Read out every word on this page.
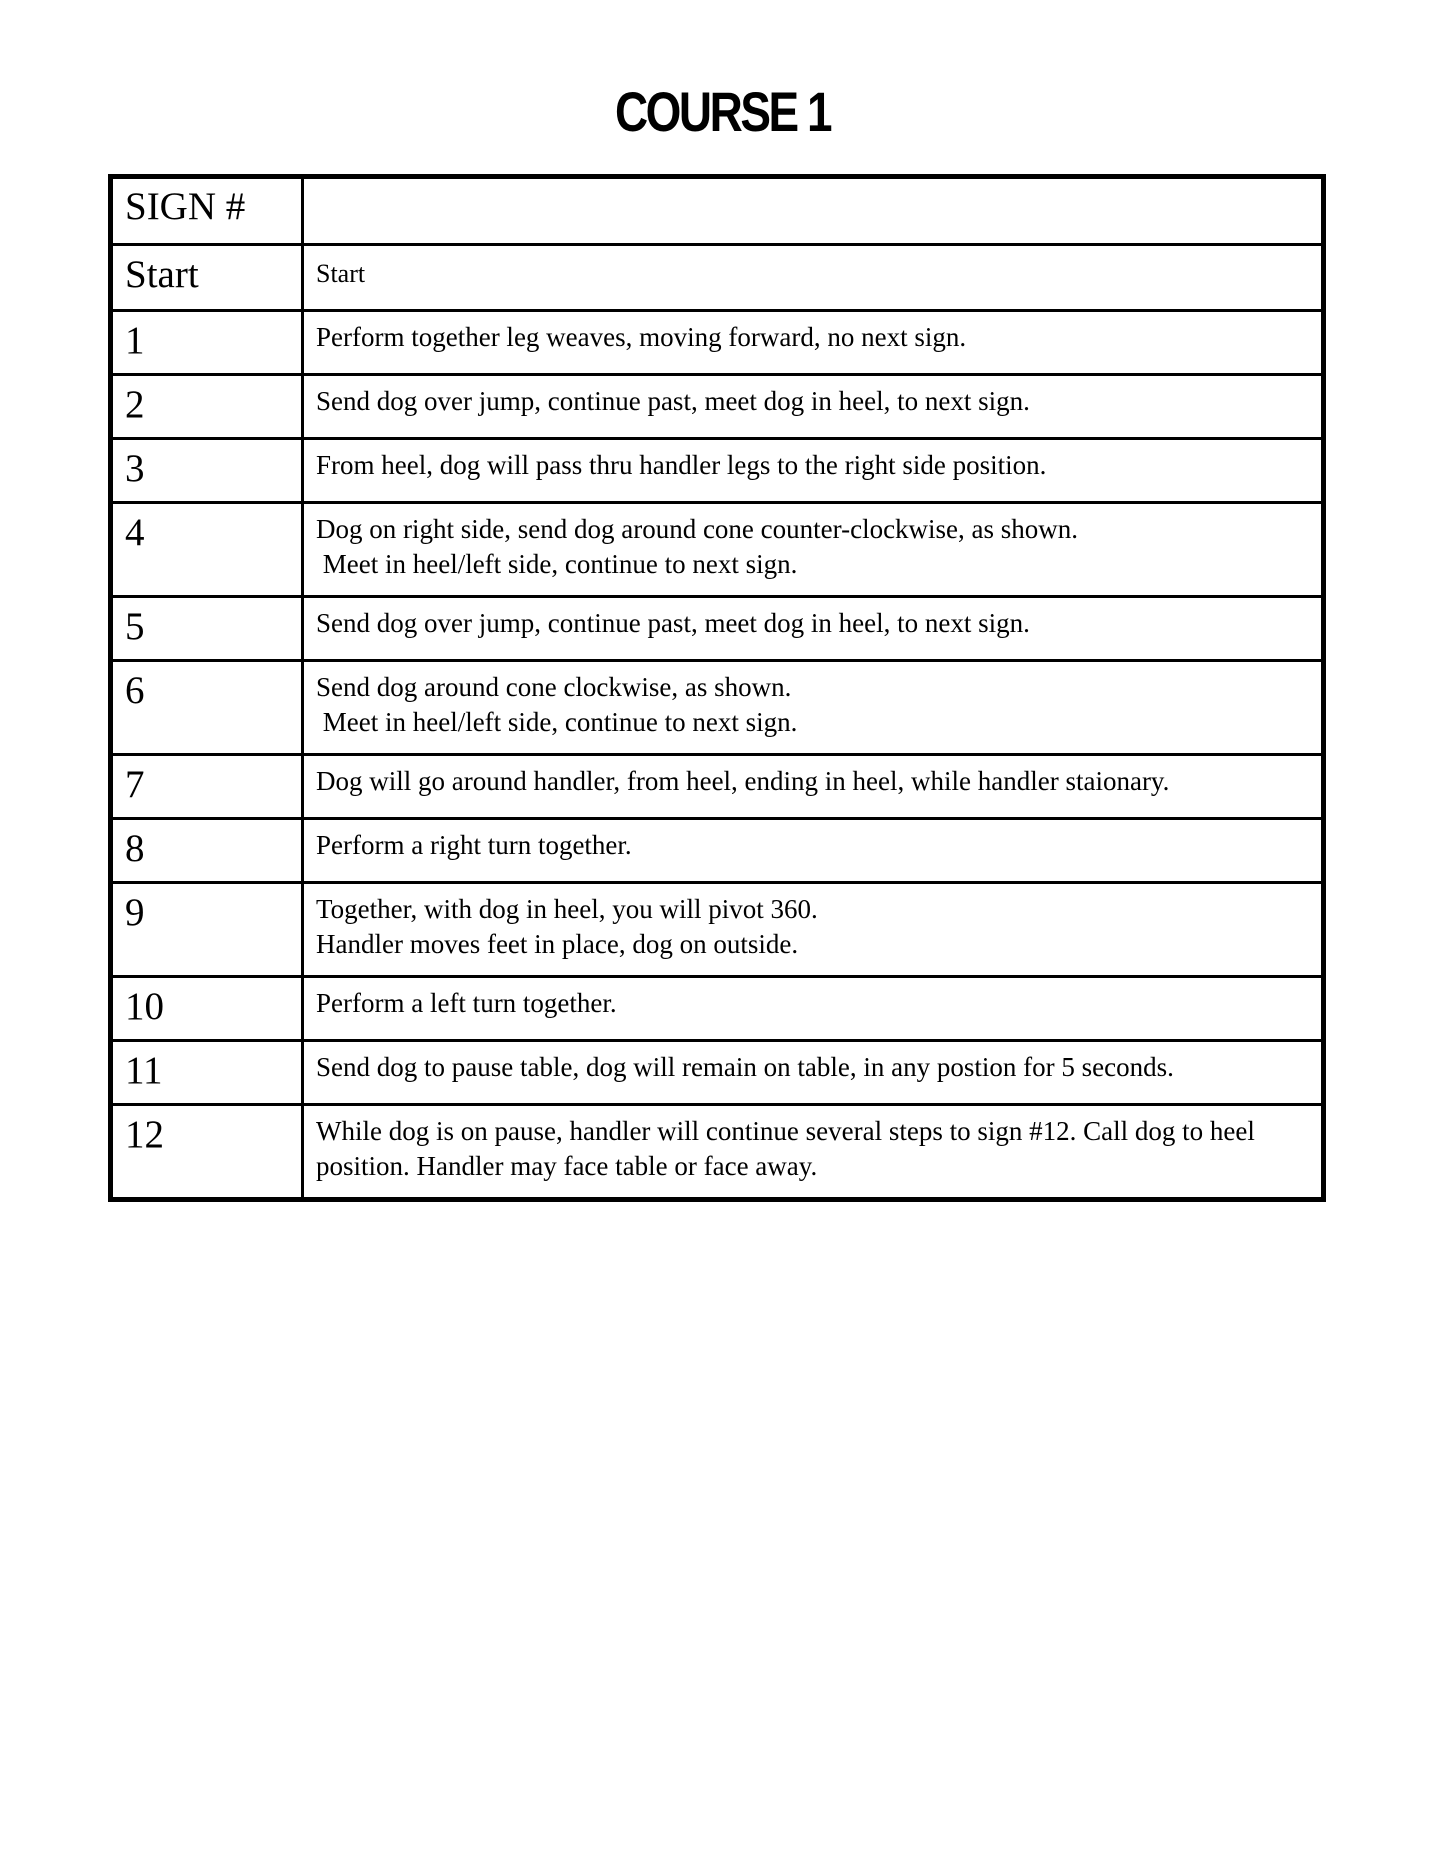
COURSE 1
SIGN #	
Start	Start

1	Perform together leg weaves, moving forward, no next sign.

2	Send dog over jump, continue past, meet dog in heel, to next sign.

3	From heel, dog will pass thru handler legs to the right side position.

4	Dog on right side, send dog around cone counter-clockwise, as shown.
Meet in heel/left side, continue to next sign.

5	Send dog over jump, continue past, meet dog in heel, to next sign.

6	Send dog around cone clockwise, as shown.
Meet in heel/left side, continue to next sign.

7	Dog will go around handler, from heel, ending in heel, while handler staionary.

8	Perform a right turn together.

9	Together, with dog in heel, you will pivot 360.
Handler moves feet in place, dog on outside.

10	Perform a left turn together.

11	Send dog to pause table, dog will remain on table, in any postion for 5 seconds.

12	While dog is on pause, handler will continue several steps to sign #12. Call dog to heel
position. Handler may face table or face away.
